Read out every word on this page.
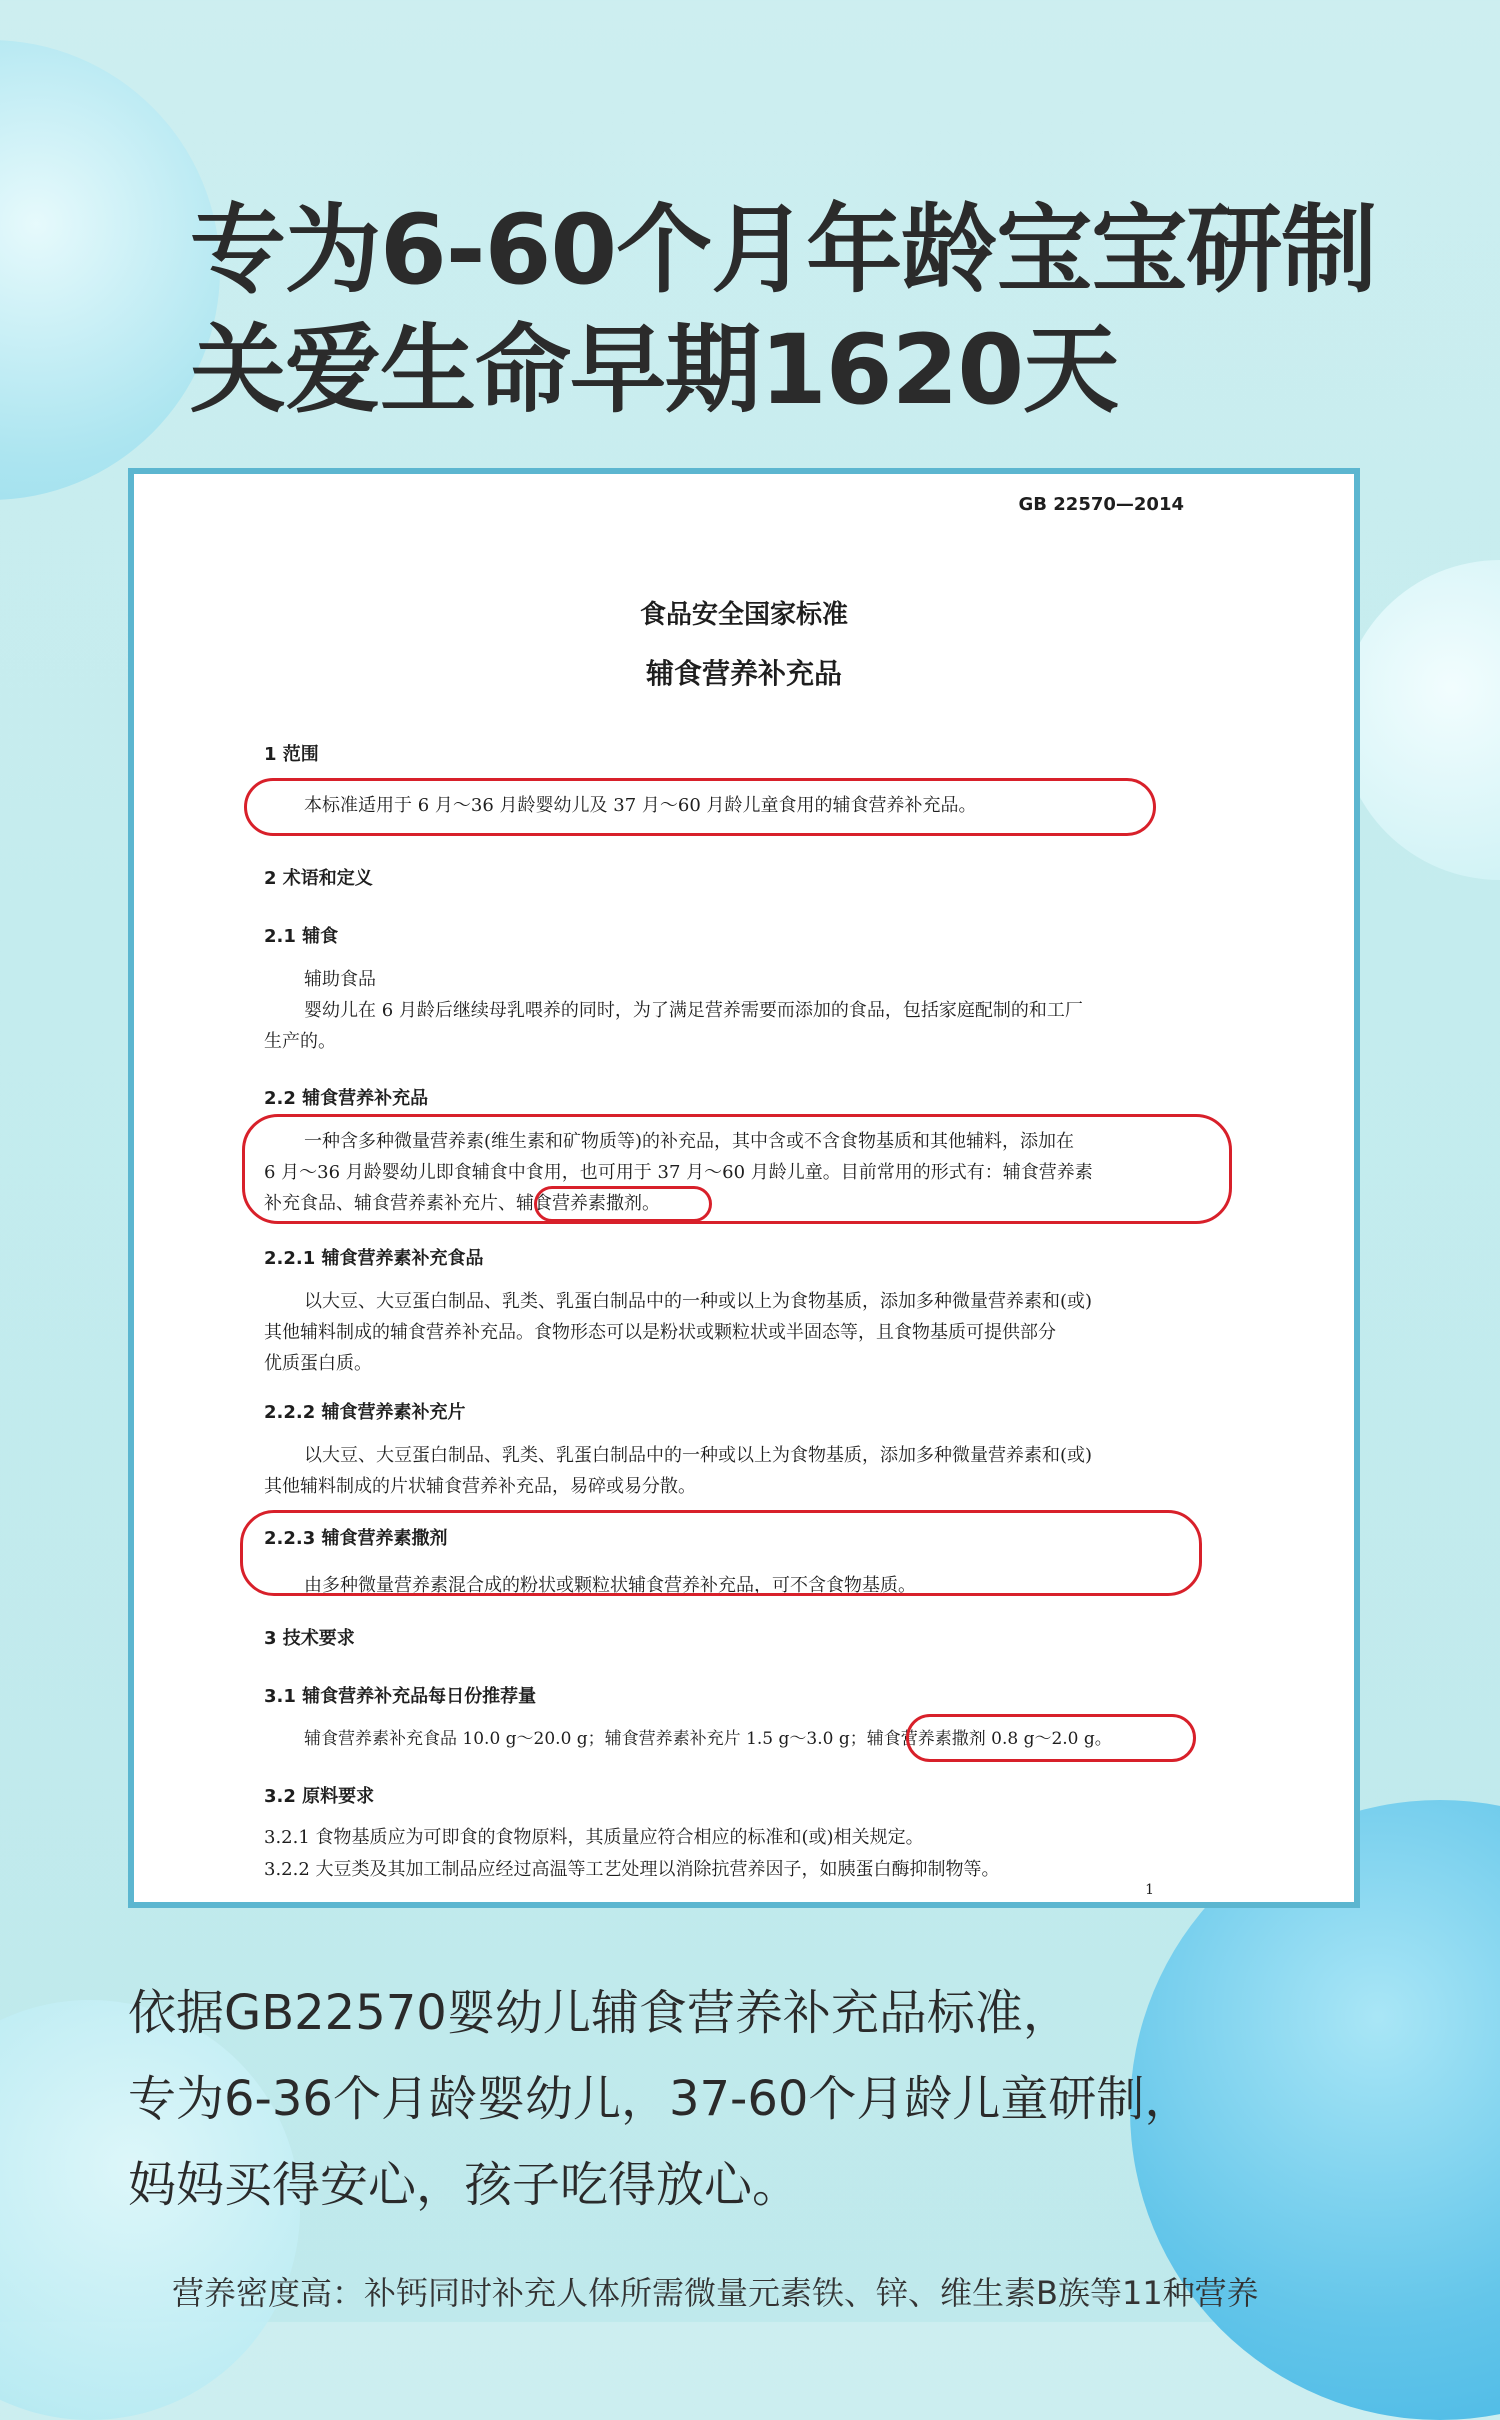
专为6-60个月年龄宝宝研制
关爱生命早期1620天
GB 22570—2014
食品安全国家标准
辅食营养补充品
1 范围
本标准适用于 6 月～36 月龄婴幼儿及 37 月～60 月龄儿童食用的辅食营养补充品。
2 术语和定义
2.1 辅食
辅助食品
婴幼儿在 6 月龄后继续母乳喂养的同时，为了满足营养需要而添加的食品，包括家庭配制的和工厂
生产的。
2.2 辅食营养补充品
一种含多种微量营养素(维生素和矿物质等)的补充品，其中含或不含食物基质和其他辅料，添加在
6 月～36 月龄婴幼儿即食辅食中食用，也可用于 37 月～60 月龄儿童。目前常用的形式有：辅食营养素
补充食品、辅食营养素补充片、辅食营养素撒剂。
2.2.1 辅食营养素补充食品
以大豆、大豆蛋白制品、乳类、乳蛋白制品中的一种或以上为食物基质，添加多种微量营养素和(或)
其他辅料制成的辅食营养补充品。食物形态可以是粉状或颗粒状或半固态等，且食物基质可提供部分
优质蛋白质。
2.2.2 辅食营养素补充片
以大豆、大豆蛋白制品、乳类、乳蛋白制品中的一种或以上为食物基质，添加多种微量营养素和(或)
其他辅料制成的片状辅食营养补充品，易碎或易分散。
2.2.3 辅食营养素撒剂
由多种微量营养素混合成的粉状或颗粒状辅食营养补充品，可不含食物基质。
3 技术要求
3.1 辅食营养补充品每日份推荐量
辅食营养素补充食品 10.0 g～20.0 g；辅食营养素补充片 1.5 g～3.0 g；辅食营养素撒剂 0.8 g～2.0 g。
3.2 原料要求
3.2.1 食物基质应为可即食的食物原料，其质量应符合相应的标准和(或)相关规定。
3.2.2 大豆类及其加工制品应经过高温等工艺处理以消除抗营养因子，如胰蛋白酶抑制物等。
1
依据GB22570婴幼儿辅食营养补充品标准，
专为6-36个月龄婴幼儿，37-60个月龄儿童研制，
妈妈买得安心，孩子吃得放心。
营养密度高：补钙同时补充人体所需微量元素铁、锌、维生素B族等11种营养
